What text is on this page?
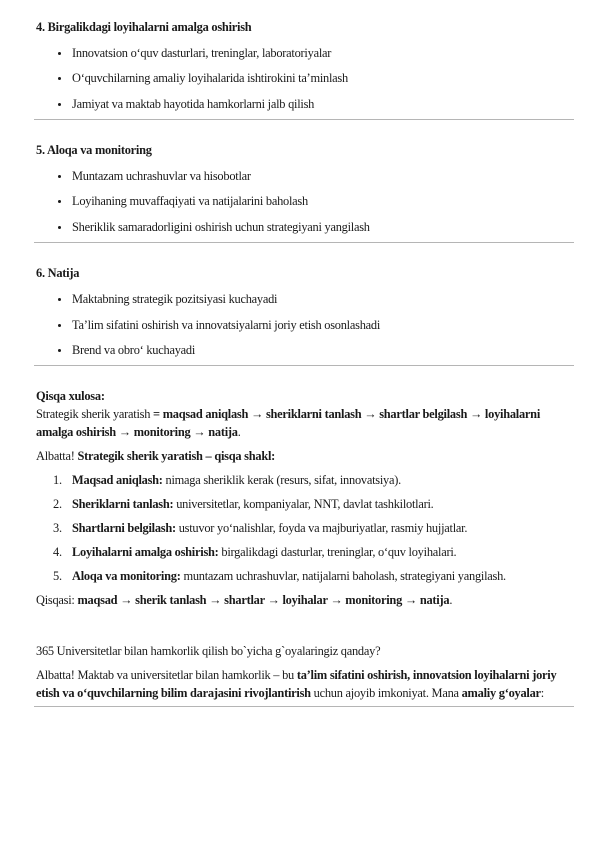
4. Birgalikdagi loyihalarni amalga oshirish

Innovatsion o‘quv dasturlari, treninglar, laboratoriyalar
O‘quvchilarning amaliy loyihalarida ishtirokini ta’minlash
Jamiyat va maktab hayotida hamkorlarni jalb qilish

5. Aloqa va monitoring

Muntazam uchrashuvlar va hisobotlar
Loyihaning muvaffaqiyati va natijalarini baholash
Sheriklik samaradorligini oshirish uchun strategiyani yangilash

6. Natija

Maktabning strategik pozitsiyasi kuchayadi
Ta’lim sifatini oshirish va innovatsiyalarni joriy etish osonlashadi
Brend va obro‘ kuchayadi

Qisqa xulosa:

Strategik sherik yaratish = maqsad aniqlash → sheriklarni tanlash → shartlar belgilash → loyihalarni amalga oshirish → monitoring → natija.

Albatta! Strategik sherik yaratish – qisqa shakl:

1. Maqsad aniqlash: nimaga sheriklik kerak (resurs, sifat, innovatsiya).
2. Sheriklarni tanlash: universitetlar, kompaniyalar, NNT, davlat tashkilotlari.
3. Shartlarni belgilash: ustuvor yo‘nalishlar, foyda va majburiyatlar, rasmiy hujjatlar.
4. Loyihalarni amalga oshirish: birgalikdagi dasturlar, treninglar, o‘quv loyihalari.
5. Aloqa va monitoring: muntazam uchrashuvlar, natijalarni baholash, strategiyani yangilash.

Qisqasi: maqsad → sherik tanlash → shartlar → loyihalar → monitoring → natija.

365 Universitetlar bilan hamkorlik qilish bo`yicha g`oyalaringiz qanday?

Albatta! Maktab va universitetlar bilan hamkorlik – bu ta’lim sifatini oshirish, innovatsion loyihalarni joriy etish va o‘quvchilarning bilim darajasini rivojlantirish uchun ajoyib imkoniyat. Mana amaliy g‘oyalar:
